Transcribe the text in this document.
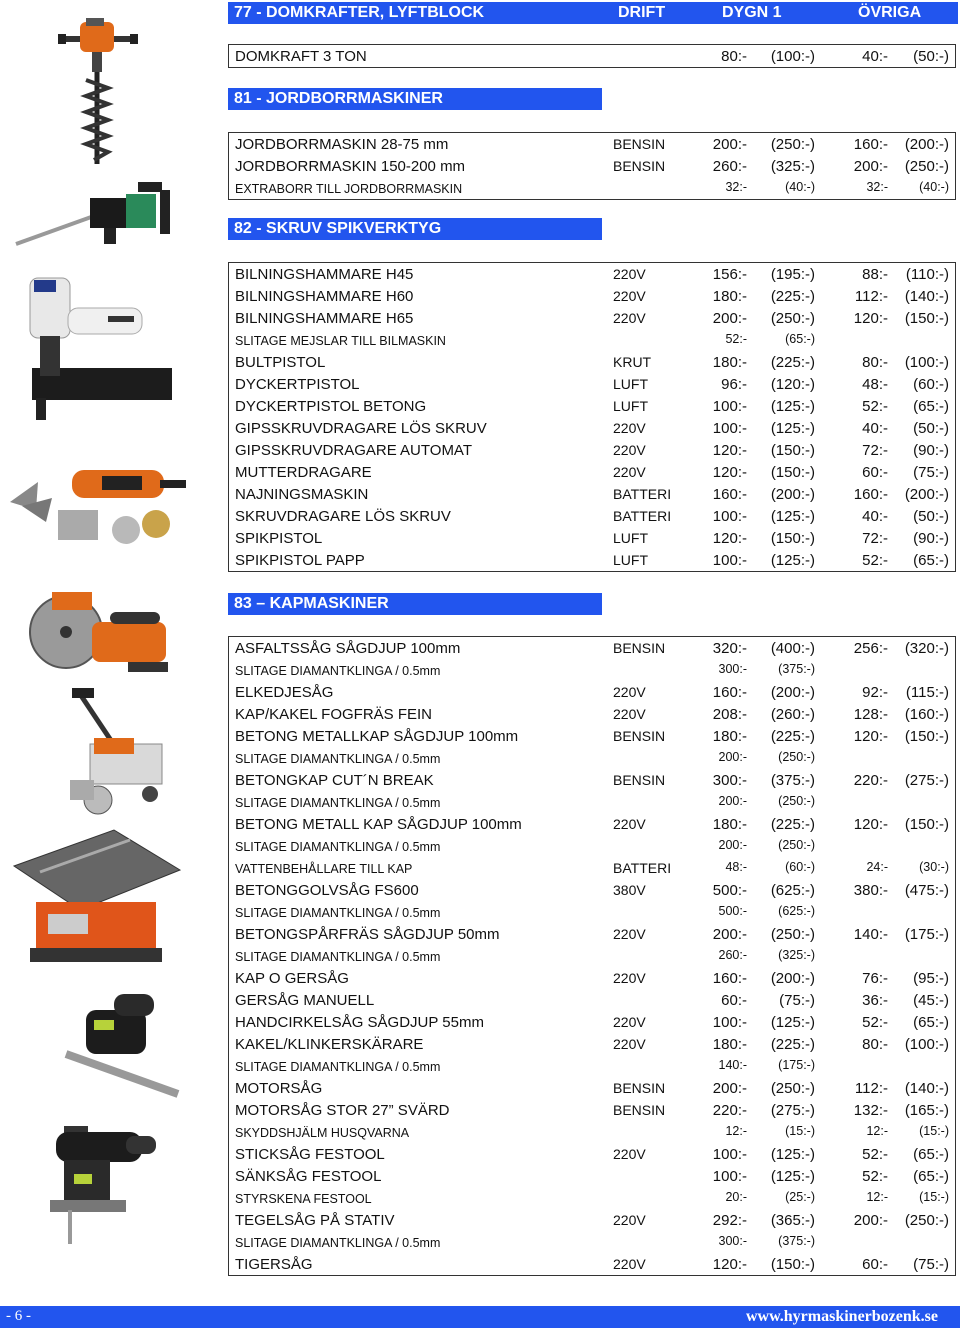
77 - DOMKRAFTER, LYFTBLOCK	DRIFT	DYGN 1	ÖVRIGA
DOMKRAFT 3 TON	80:- (100:-)	40:- (50:-)
81 - JORDBORRMASKINER
JORDBORRMASKIN 28-75 mm	BENSIN	200:- (250:-)	160:- (200:-)
JORDBORRMASKIN 150-200 mm	BENSIN	260:- (325:-)	200:- (250:-)
EXTRABORR TILL JORDBORRMASKIN	32:-	(40:-)	32:- (40:-)
82 - SKRUV SPIKVERKTYG
BILNINGSHAMMARE H45	220V	156:- (195:-)	88:- (110:-)
BILNINGSHAMMARE H60	220V	180:- (225:-)	112:- (140:-)
BILNINGSHAMMARE H65	220V	200:- (250:-)	120:- (150:-)
SLITAGE MEJSLAR TILL BILMASKIN	52:-	(65:-)
BULTPISTOL	KRUT	180:- (225:-)	80:- (100:-)
DYCKERTPISTOL	LUFT	96:- (120:-)	48:- (60:-)
DYCKERTPISTOL BETONG	LUFT	100:- (125:-)	52:- (65:-)
GIPSSKRUVDRAGARE LÖS SKRUV	220V	100:- (125:-)	40:- (50:-)
GIPSSKRUVDRAGARE AUTOMAT	220V	120:- (150:-)	72:- (90:-)
MUTTERDRAGARE	220V	120:- (150:-)	60:- (75:-)
NAJNINGSMASKIN	BATTERI	160:- (200:-)	160:- (200:-)
SKRUVDRAGARE LÖS SKRUV	BATTERI	100:- (125:-)	40:- (50:-)
SPIKPISTOL	LUFT	120:- (150:-)	72:- (90:-)
SPIKPISTOL PAPP	LUFT	100:- (125:-)	52:- (65:-)
83 – KAPMASKINER
ASFALTSSÅG SÅGDJUP 100mm	BENSIN	320:- (400:-)	256:- (320:-)
SLITAGE DIAMANTKLINGA / 0.5mm	300:- (375:-)
ELKEDJESÅG	220V	160:- (200:-)	92:- (115:-)
KAP/KAKEL FOGFRÄS FEIN	220V	208:- (260:-)	128:- (160:-)
BETONG METALLKAP SÅGDJUP 100mm	BENSIN	180:- (225:-)	120:- (150:-)
SLITAGE DIAMANTKLINGA / 0.5mm	200:- (250:-)
BETONGKAP CUT´N BREAK	BENSIN	300:- (375:-)	220:- (275:-)
SLITAGE DIAMANTKLINGA / 0.5mm	200:- (250:-)
BETONG METALL KAP SÅGDJUP 100mm	220V	180:- (225:-)	120:- (150:-)
SLITAGE DIAMANTKLINGA / 0.5mm	200:- (250:-)
VATTENBEHÅLLARE TILL KAP	BATTERI	48:-	(60:-)	24:- (30:-)
BETONGGOLVSÅG FS600	380V	500:- (625:-)	380:- (475:-)
SLITAGE DIAMANTKLINGA / 0.5mm	500:- (625:-)
BETONGSPÅRFRÄS SÅGDJUP 50mm	220V	200:- (250:-)	140:- (175:-)
SLITAGE DIAMANTKLINGA / 0.5mm	260:- (325:-)
KAP O GERSÅG	220V	160:- (200:-)	76:- (95:-)
GERSÅG MANUELL	60:- (75:-)	36:- (45:-)
HANDCIRKELSÅG SÅGDJUP 55mm	220V	100:- (125:-)	52:- (65:-)
KAKEL/KLINKERSKÄRARE	220V	180:- (225:-)	80:- (100:-)
SLITAGE DIAMANTKLINGA / 0.5mm	140:- (175:-)
MOTORSÅG	BENSIN	200:- (250:-)	112:- (140:-)
MOTORSÅG STOR 27” SVÄRD	BENSIN	220:- (275:-)	132:- (165:-)
SKYDDSHJÄLM HUSQVARNA	12:-	(15:-)	12:- (15:-)
STICKSÅG FESTOOL	220V	100:- (125:-)	52:- (65:-)
SÄNKSÅG FESTOOL	100:- (125:-)	52:- (65:-)
STYRSKENA FESTOOL	20:-	(25:-)	12:- (15:-)
TEGELSÅG PÅ STATIV	220V	292:- (365:-)	200:- (250:-)
SLITAGE DIAMANTKLINGA / 0.5mm	300:- (375:-)
TIGERSÅG	220V	120:- (150:-)	60:- (75:-)
- 6 -	www.hyrmaskinerbozenk.se
